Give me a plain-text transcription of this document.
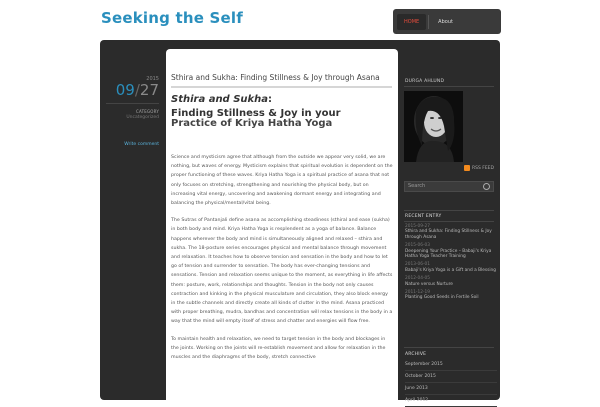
Seeking the Self	HOME	About
2015
09/27
CATEGORY
Uncategorized
Write comment
Sthira and Sukha: Finding Stillness & Joy through Asana
Sthira and Sukha:
Finding Stillness & Joy in your
Practice of Kriya Hatha Yoga

Science and mysticism agree that although from the outside we appear very solid, we are nothing, but waves of energy. Mysticism explains that spiritual evolution is dependent on the proper functioning of these waves. Kriya Hatha Yoga is a spiritual practice of asana that not only focuses on stretching, strengthening and nourishing the physical body, but on increasing vital energy, uncovering and awakening dormant energy and integrating and balancing the physical/mental/vital being.

The Sutras of Pantanjali define asana as accomplishing steadiness (sthiral and ease (sukha) in both body and mind. Kriya Hatha Yoga is resplendent as a yoga of balance. Balance happens wherever the body and mind is simultaneously aligned and relaxed – sthira and sukha. The 18-posture series encourages physical and mental balance through movement and relaxation. It teaches how to observe tension and sensation in the body and how to let go of tension and surrender to sensation. The body has ever-changing tensions and sensations. Tension and relaxation seems unique to the moment, as everything in life affects them: posture, work, relationships and thoughts. Tension in the body not only causes contraction and kinking in the physical musculature and circulation, they also block energy in the subtle channels and directly create all kinds of clutter in the mind. Asana practiced with proper breathing, mudra, bandhas and concentration will relax tensions in the body in a way that the mind will empty itself of stress and chatter and energies will flow free.

To maintain health and relaxation, we need to target tension in the body and blockages in the joints. Working on the joints will re-establish movement and allow for relaxation in the muscles and the diaphragms of the body, stretch connective

DURGA AHLUND
RSS FEED
Search
RECENT ENTRY
2015-09-27
Sthira and Sukha: Finding Stillness & Joy through Asana
2015-06-03
Deepening Your Practice – Babaji's Kriya Hatha Yoga Teacher Training
2013-06-01
Babaji's Kriya Yoga is a Gift and a Blessing
2012-04-05
Nature versus Nurture
2011-12-19
Planting Good Seeds in Fertile Soil
ARCHIVE
September 2015
October 2015
June 2013
April 2012
